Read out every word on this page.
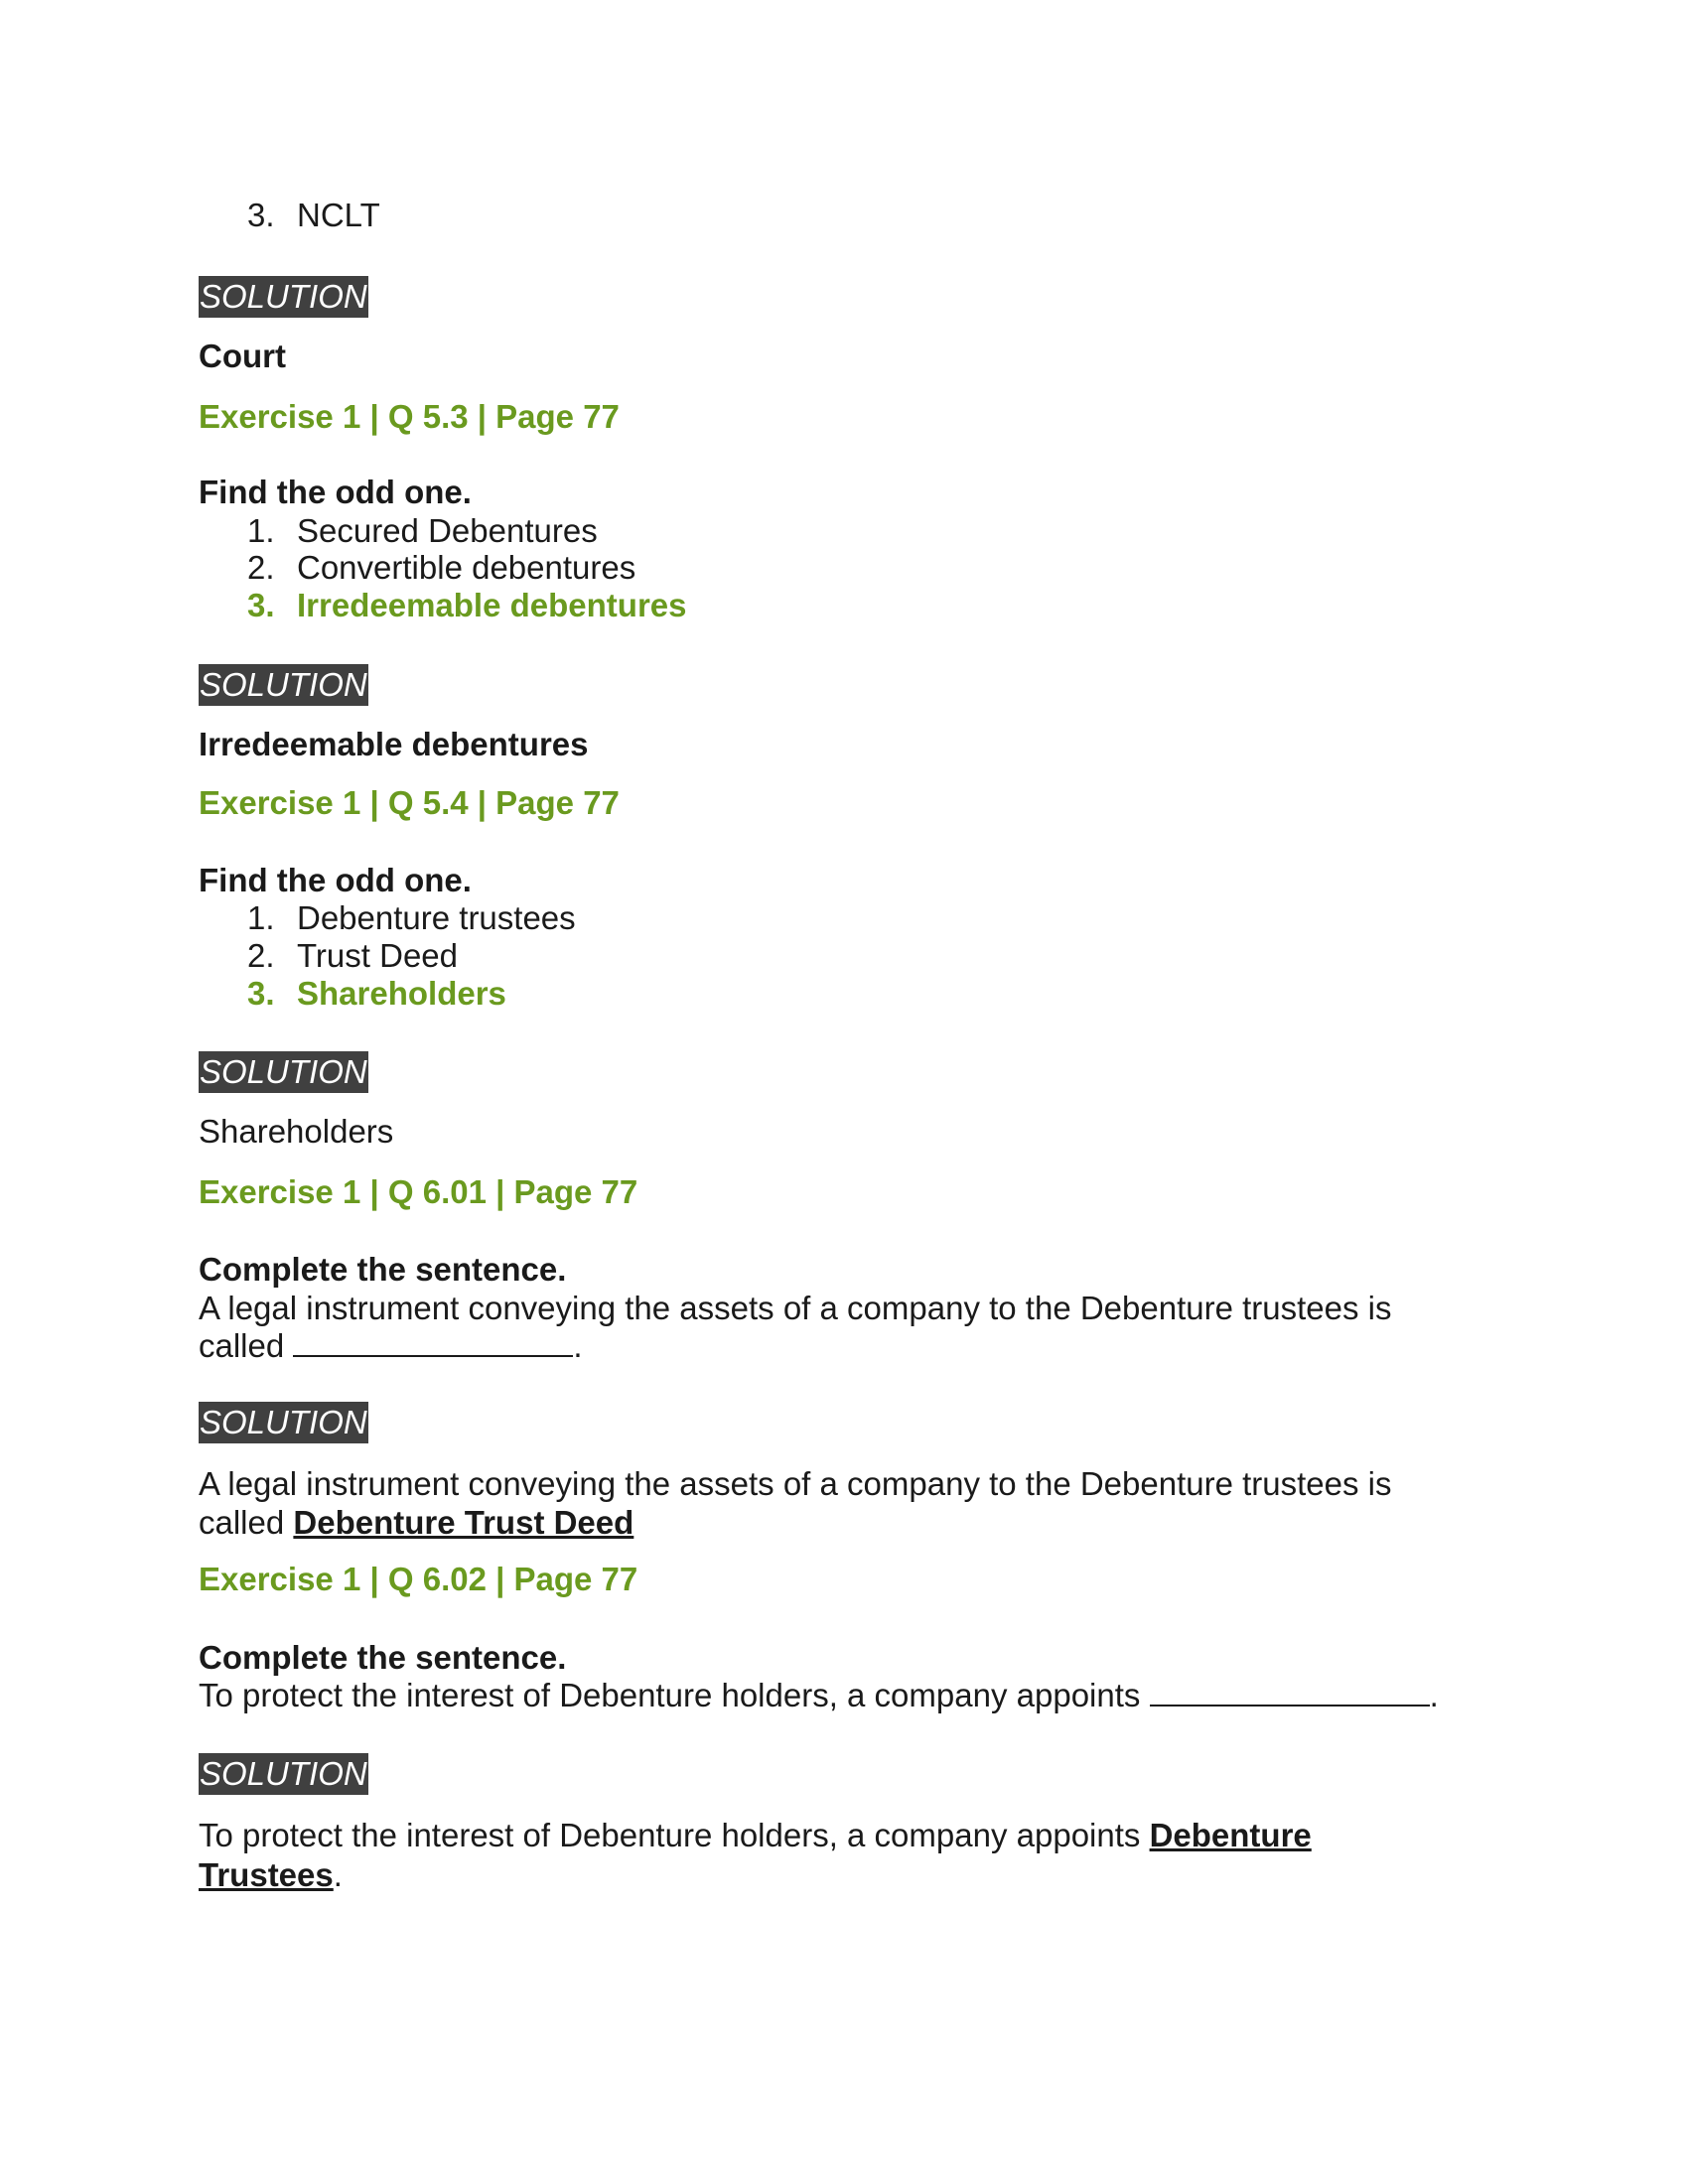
3. NCLT
SOLUTION
Court
Exercise 1 | Q 5.3 | Page 77
Find the odd one.
1. Secured Debentures
2. Convertible debentures
3. Irredeemable debentures
SOLUTION
Irredeemable debentures
Exercise 1 | Q 5.4 | Page 77
Find the odd one.
1. Debenture trustees
2. Trust Deed
3. Shareholders
SOLUTION
Shareholders
Exercise 1 | Q 6.01 | Page 77
Complete the sentence.
A legal instrument conveying the assets of a company to the Debenture trustees is
called	.
SOLUTION
A legal instrument conveying the assets of a company to the Debenture trustees is
called Debenture Trust Deed
Exercise 1 | Q 6.02 | Page 77
Complete the sentence.
To protect the interest of Debenture holders, a company appoints	.
SOLUTION
To protect the interest of Debenture holders, a company appoints Debenture
Trustees.
